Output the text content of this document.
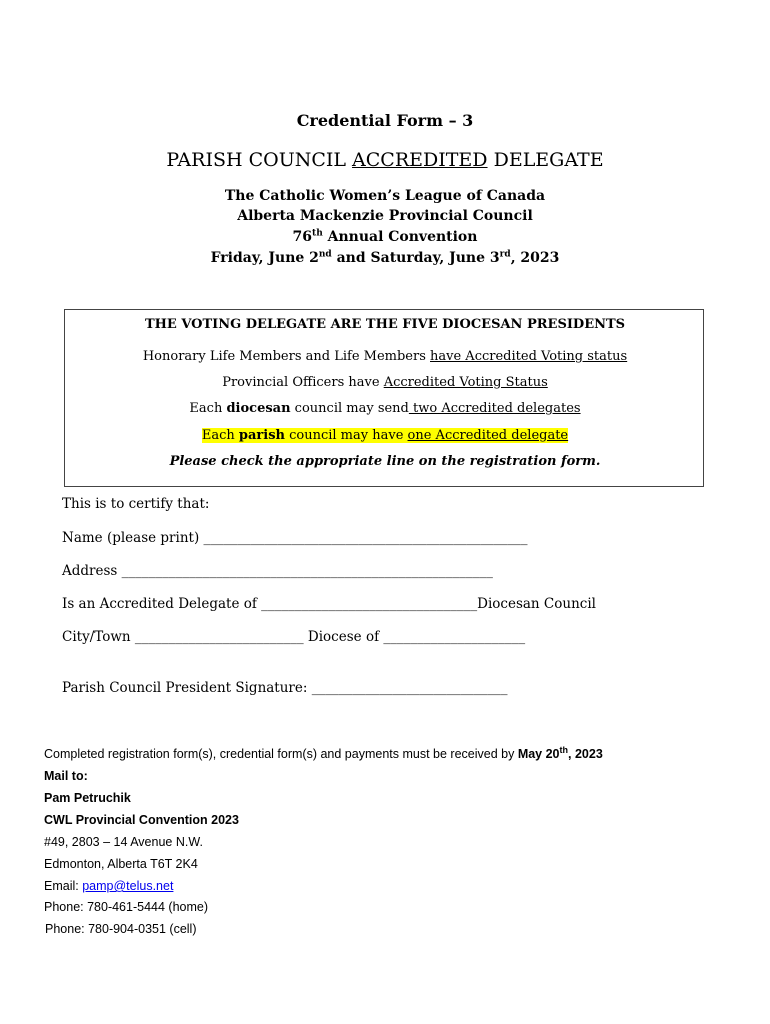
Credential Form – 3
PARISH COUNCIL ACCREDITED DELEGATE
The Catholic Women’s League of Canada
Alberta Mackenzie Provincial Council
76th Annual Convention
Friday, June 2nd and Saturday, June 3rd, 2023
THE VOTING DELEGATE ARE THE FIVE DIOCESAN PRESIDENTS
Honorary Life Members and Life Members have Accredited Voting status
Provincial Officers have Accredited Voting Status
Each diocesan council may send two Accredited delegates
Each parish council may have one Accredited delegate
Please check the appropriate line on the registration form.
This is to certify that:
Name (please print) ________________________________________________
Address _______________________________________________________
Is an Accredited Delegate of ________________________________Diocesan Council
City/Town _________________________ Diocese of _____________________
Parish Council President Signature: _____________________________
Completed registration form(s), credential form(s) and payments must be received by May 20th, 2023
Mail to:
Pam Petruchik
CWL Provincial Convention 2023
#49, 2803 – 14 Avenue N.W.
Edmonton, Alberta T6T 2K4
Email: pamp@telus.net
Phone: 780-461-5444 (home)
Phone: 780-904-0351 (cell)
